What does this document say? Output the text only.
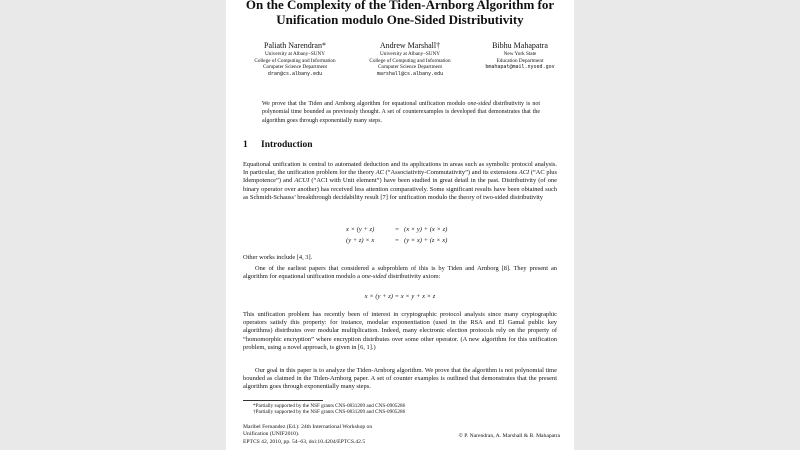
On the Complexity of the Tiden-Arnborg Algorithm for
Unification modulo One-Sided Distributivity
Paliath Narendran*
University at Albany–SUNY
College of Computing and Information
Computer Science Department
dran@cs.albany.edu
Andrew Marshall†
University at Albany–SUNY
College of Computing and Information
Computer Science Department
marshall@cs.albany.edu
Bibhu Mahapatra
New York State
Education Department
bmahapat@mail.nysed.gov
We prove that the Tiden and Arnborg algorithm for equational unification modulo one-sided distributivity is not polynomial time bounded as previously thought. A set of counterexamples is developed that demonstrates that the algorithm goes through exponentially many steps.
1 Introduction
Equational unification is central to automated deduction and its applications in areas such as symbolic protocol analysis. In particular, the unification problem for the theory AC (“Associativity-Commutativity”) and its extensions ACI (“AC plus Idempotence”) and ACUI (“ACI with Unit element”) have been studied in great detail in the past. Distributivity (of one binary operator over another) has received less attention comparatively. Some significant results have been obtained such as Schmidt-Schauss’ breakthrough decidability result [7] for unification modulo the theory of two-sided distributivity
x × (y + z)	= (x × y) + (x × z)
(y + z) × x	= (y × x) + (z × x)
Other works include [4, 3].
One of the earliest papers that considered a subproblem of this is by Tiden and Arnborg [8]. They present an algorithm for equational unification modulo a one-sided distributivity axiom:
x × (y + z) = x × y + x × z
This unification problem has recently been of interest in cryptographic protocol analysis since many cryptographic operators satisfy this property: for instance, modular exponentiation (used in the RSA and El Gamal public key algorithms) distributes over modular multiplication. Indeed, many electronic election protocols rely on the property of “homomorphic encryption” where encryption distributes over some other operator. (A new algorithm for this unification problem, using a novel approach, is given in [6, 1].)
Our goal in this paper is to analyze the Tiden-Arnborg algorithm. We prove that the algorithm is not polynomial time bounded as claimed in the Tiden-Arnborg paper. A set of counter examples is outlined that demonstrates that the present algorithm goes through exponentially many steps.
*Partially supported by the NSF grants CNS-0831209 and CNS-0905286
†Partially supported by the NSF grants CNS-0831209 and CNS-0905286
Maribel Fernandez (Ed.): 24th International Workshop on
Unification (UNIF2010).
EPTCS 42, 2010, pp. 54–63, doi:10.4204/EPTCS.42.5
© P. Narendran, A. Marshall & B. Mahapatra
